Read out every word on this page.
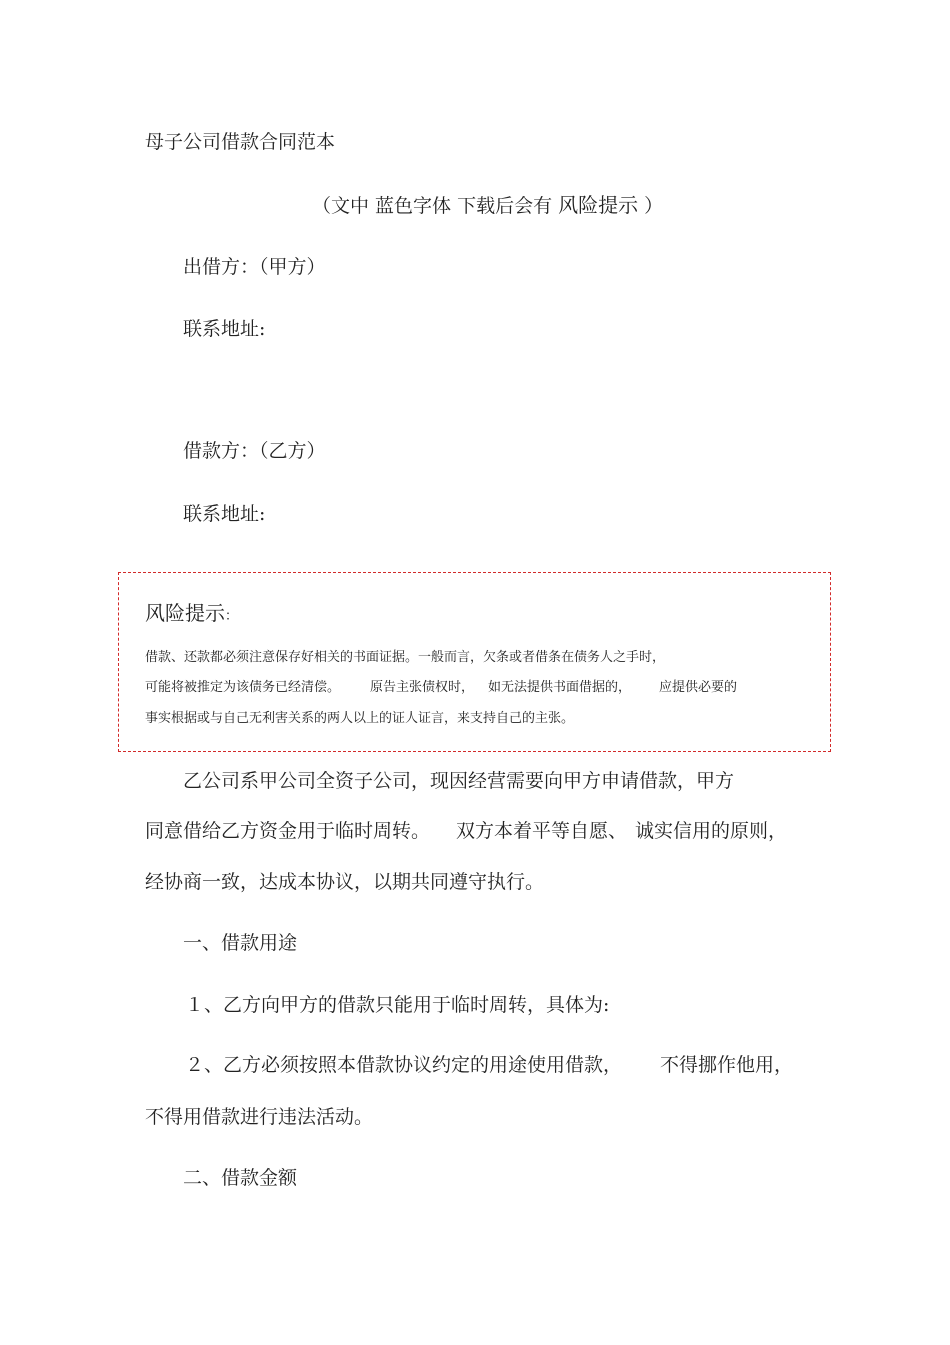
母子公司借款合同范本
（文中 蓝色字体 下载后会有 风险提示 ）
出借方：（甲方）
联系地址:
借款方：（乙方）
联系地址:
风险提示：
借款、还款都必须注意保存好相关的书面证据。一般而言，欠条或者借条在债务人之手时，
可能将被推定为该债务已经清偿。 原告主张债权时， 如无法提供书面借据的， 应提供必要的
事实根据或与自己无利害关系的两人以上的证人证言，来支持自己的主张。
乙公司系甲公司全资子公司，现因经营需要向甲方申请借款，甲方
同意借给乙方资金用于临时周转。 双方本着平等自愿、 诚实信用的原则，
经协商一致，达成本协议，以期共同遵守执行。
一、借款用途
１、乙方向甲方的借款只能用于临时周转，具体为:
２、乙方必须按照本借款协议约定的用途使用借款， 不得挪作他用，
不得用借款进行违法活动。
二、借款金额
